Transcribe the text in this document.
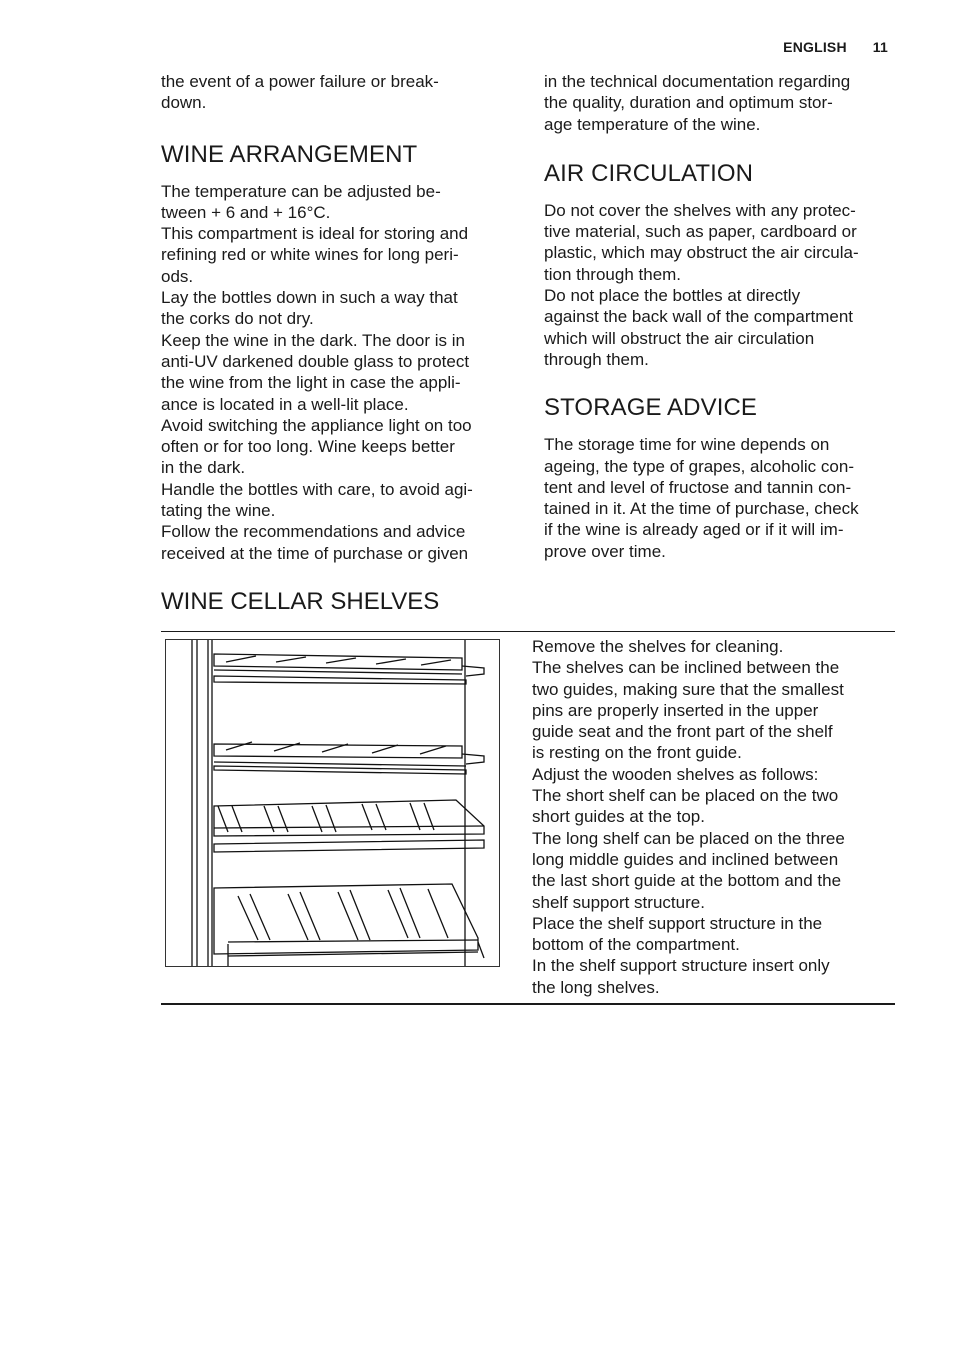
ENGLISH 11

the event of a power failure or break-

down.

WINE ARRANGEMENT

The temperature can be adjusted be-

tween + 6 and + 16°C.

This compartment is ideal for storing and

refining red or white wines for long peri-

ods.

Lay the bottles down in such a way that

the corks do not dry.

Keep the wine in the dark. The door is in

anti-UV darkened double glass to protect

the wine from the light in case the appli-

ance is located in a well-lit place.

Avoid switching the appliance light on too

often or for too long. Wine keeps better

in the dark.

Handle the bottles with care, to avoid agi-

tating the wine.

Follow the recommendations and advice

received at the time of purchase or given

in the technical documentation regarding

the quality, duration and optimum stor-

age temperature of the wine.

AIR CIRCULATION

Do not cover the shelves with any protec-

tive material, such as paper, cardboard or

plastic, which may obstruct the air circula-

tion through them.

Do not place the bottles at directly

against the back wall of the compartment

which will obstruct the air circulation

through them.

STORAGE ADVICE

The storage time for wine depends on

ageing, the type of grapes, alcoholic con-

tent and level of fructose and tannin con-

tained in it. At the time of purchase, check

if the wine is already aged or if it will im-

prove over time.

WINE CELLAR SHELVES

Remove the shelves for cleaning.

The shelves can be inclined between the

two guides, making sure that the smallest

pins are properly inserted in the upper

guide seat and the front part of the shelf

is resting on the front guide.

Adjust the wooden shelves as follows:

The short shelf can be placed on the two

short guides at the top.

The long shelf can be placed on the three

long middle guides and inclined between

the last short guide at the bottom and the

shelf support structure.

Place the shelf support structure in the

bottom of the compartment.

In the shelf support structure insert only

the long shelves.
